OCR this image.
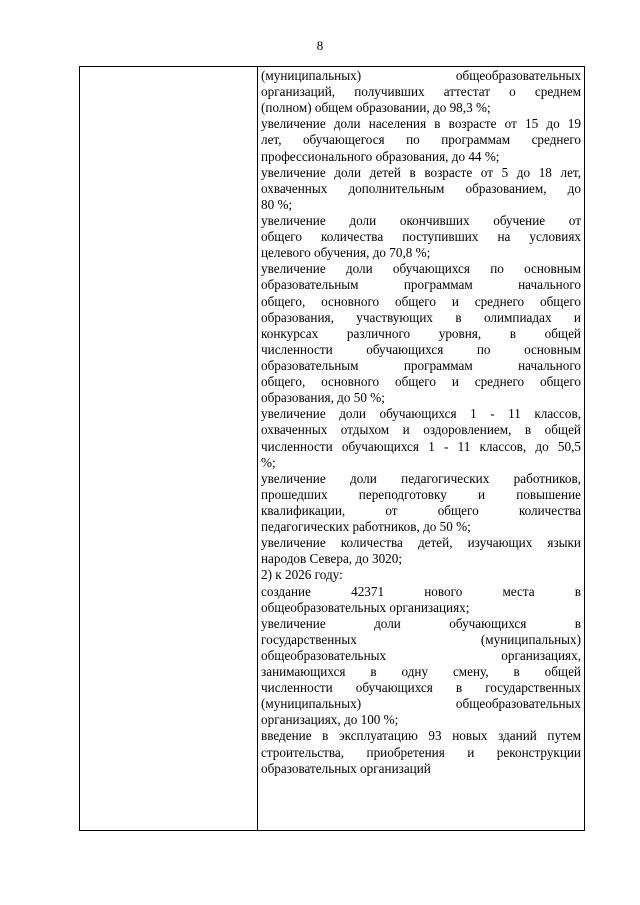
8
(муниципальных) общеобразовательных
организаций, получивших аттестат о среднем
(полном) общем образовании, до 98,3 %;
увеличение доли населения в возрасте от 15 до 19
лет, обучающегося по программам среднего
профессионального образования, до 44 %;
увеличение доли детей в возрасте от 5 до 18 лет,
охваченных дополнительным образованием, до
80 %;
увеличение доли окончивших обучение от
общего количества поступивших на условиях
целевого обучения, до 70,8 %;
увеличение доли обучающихся по основным
образовательным программам начального
общего, основного общего и среднего общего
образования, участвующих в олимпиадах и
конкурсах различного уровня, в общей
численности обучающихся по основным
образовательным программам начального
общего, основного общего и среднего общего
образования, до 50 %;
увеличение доли обучающихся 1 - 11 классов,
охваченных отдыхом и оздоровлением, в общей
численности обучающихся 1 - 11 классов, до 50,5
%;
увеличение доли педагогических работников,
прошедших переподготовку и повышение
квалификации, от общего количества
педагогических работников, до 50 %;
увеличение количества детей, изучающих языки
народов Севера, до 3020;
2) к 2026 году:
создание 42371 нового места в
общеобразовательных организациях;
увеличение доли обучающихся в
государственных (муниципальных)
общеобразовательных организациях,
занимающихся в одну смену, в общей
численности обучающихся в государственных
(муниципальных) общеобразовательных
организациях, до 100 %;
введение в эксплуатацию 93 новых зданий путем
строительства, приобретения и реконструкции
образовательных организаций
